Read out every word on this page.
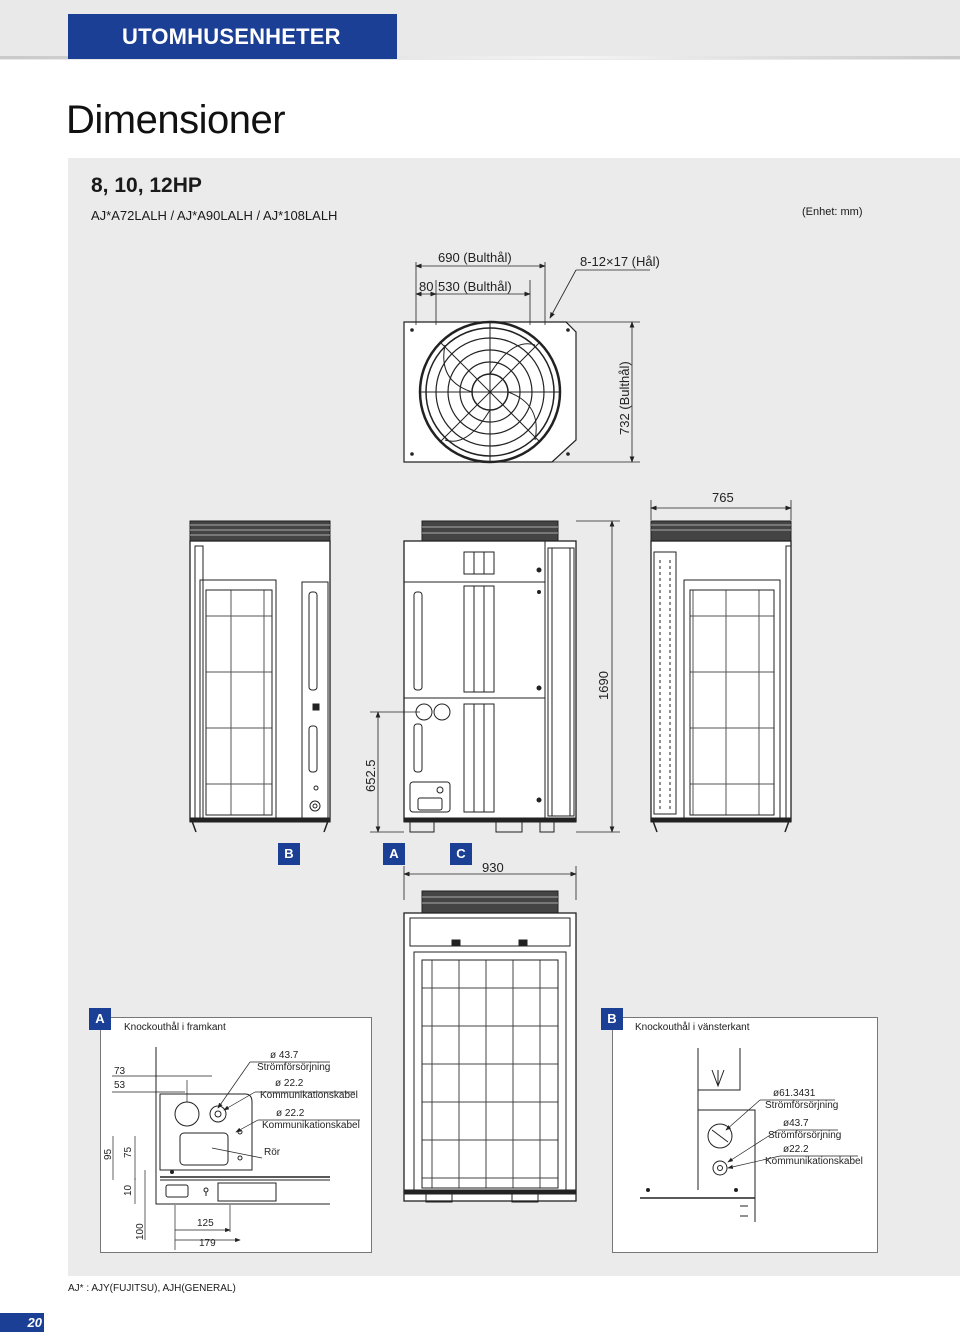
UTOMHUSENHETER
Dimensioner
8, 10, 12HP
AJ*A72LALH / AJ*A90LALH / AJ*108LALH	(Enhet: mm)
690 (Bulthål)
80 530 (Bulthål)
8-12×17 (Hål)
732 (Bulthål)
765
1690
652.5
930
73
53
95 75
10
100	125
179
ø 43.7
Strömförsörjning
ø 22.2
Kommunikationskabel
ø 22.2
Kommunikationskabel
Rör
ø61.3431
Strömförsörjning
ø43.7
Strömförsörjning
ø22.2
Kommunikationskabel
B	A	C
A
Knockouthål i framkant
B
Knockouthål i vänsterkant
AJ* : AJY(FUJITSU), AJH(GENERAL)
20
